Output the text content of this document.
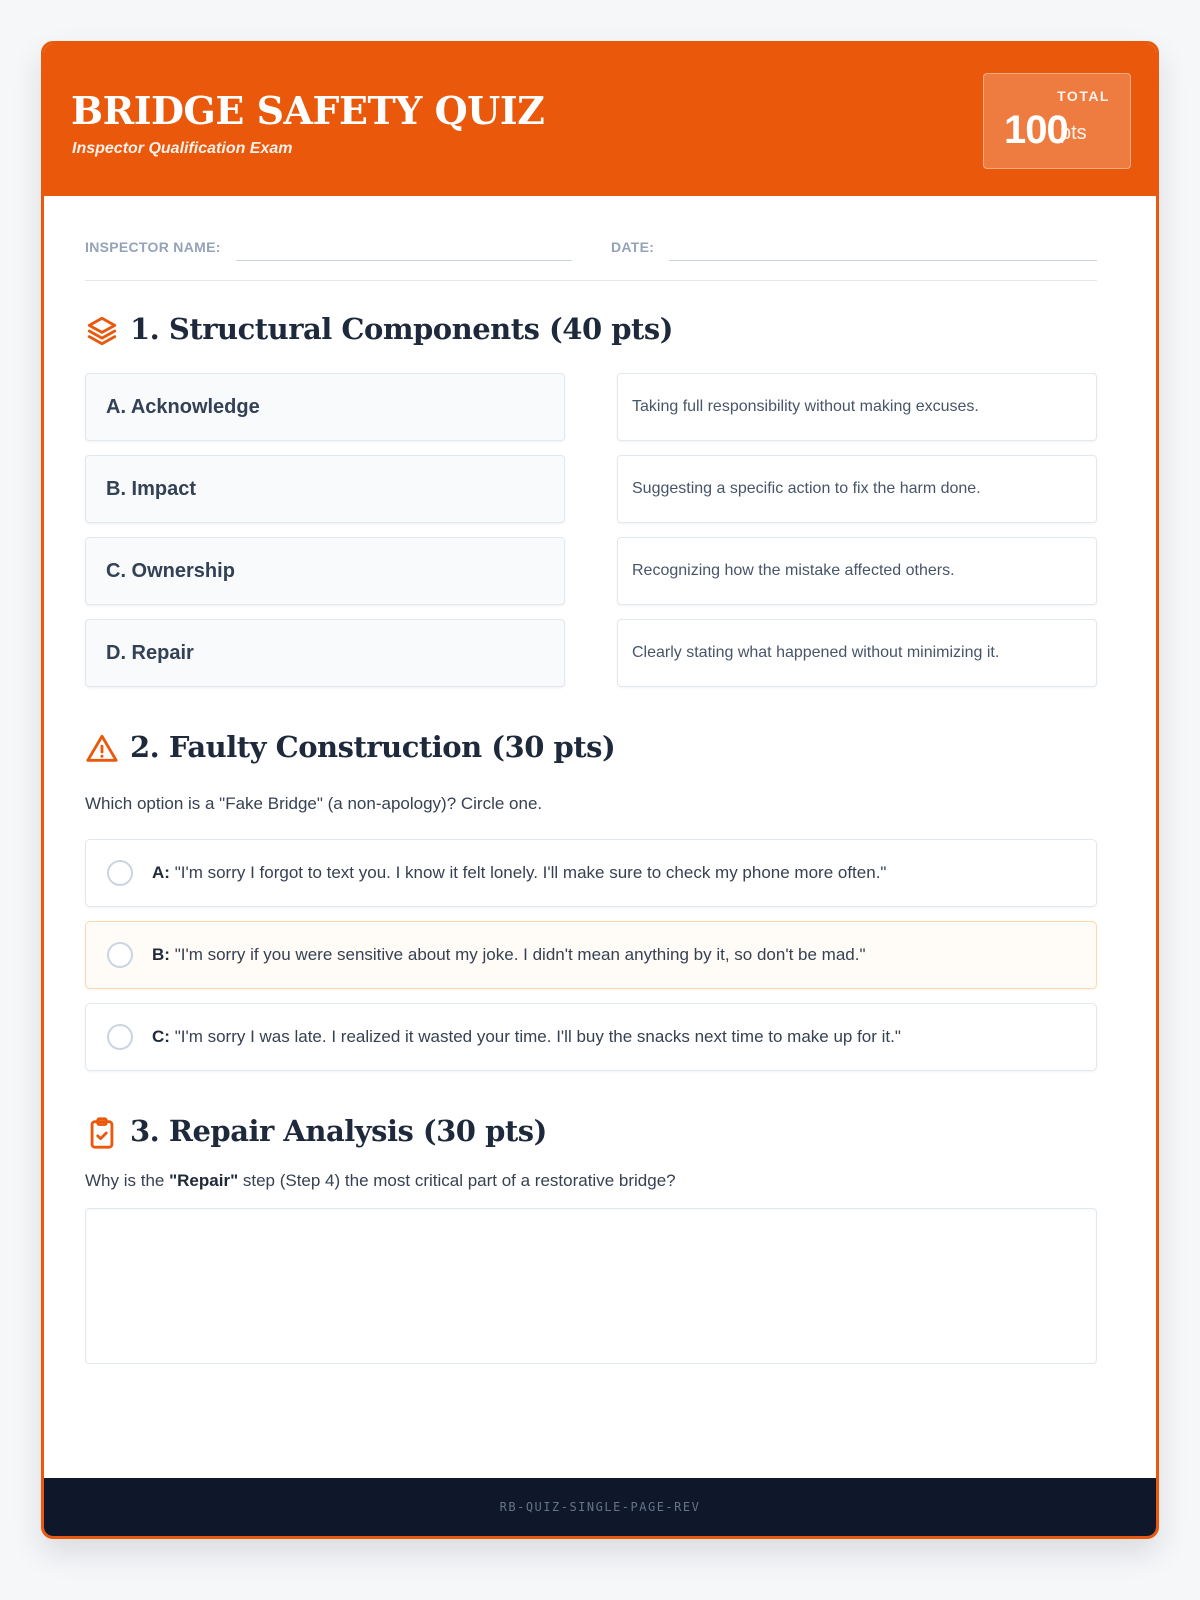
BRIDGE SAFETY QUIZ
Inspector Qualification Exam
TOTAL
100
pts
INSPECTOR NAME:	DATE:
1. Structural Components (40 pts)
A. Acknowledge
B. Impact
C. Ownership
D. Repair
Taking full responsibility without making excuses.
Suggesting a specific action to fix the harm done.
Recognizing how the mistake affected others.
Clearly stating what happened without minimizing it.
2. Faulty Construction (30 pts)
Which option is a "Fake Bridge" (a non-apology)? Circle one.
A: "I'm sorry I forgot to text you. I know it felt lonely. I'll make sure to check my phone more often."
B: "I'm sorry if you were sensitive about my joke. I didn't mean anything by it, so don't be mad."
C: "I'm sorry I was late. I realized it wasted your time. I'll buy the snacks next time to make up for it."
3. Repair Analysis (30 pts)
Why is the "Repair" step (Step 4) the most critical part of a restorative bridge?
RB-QUIZ-SINGLE-PAGE-REV
